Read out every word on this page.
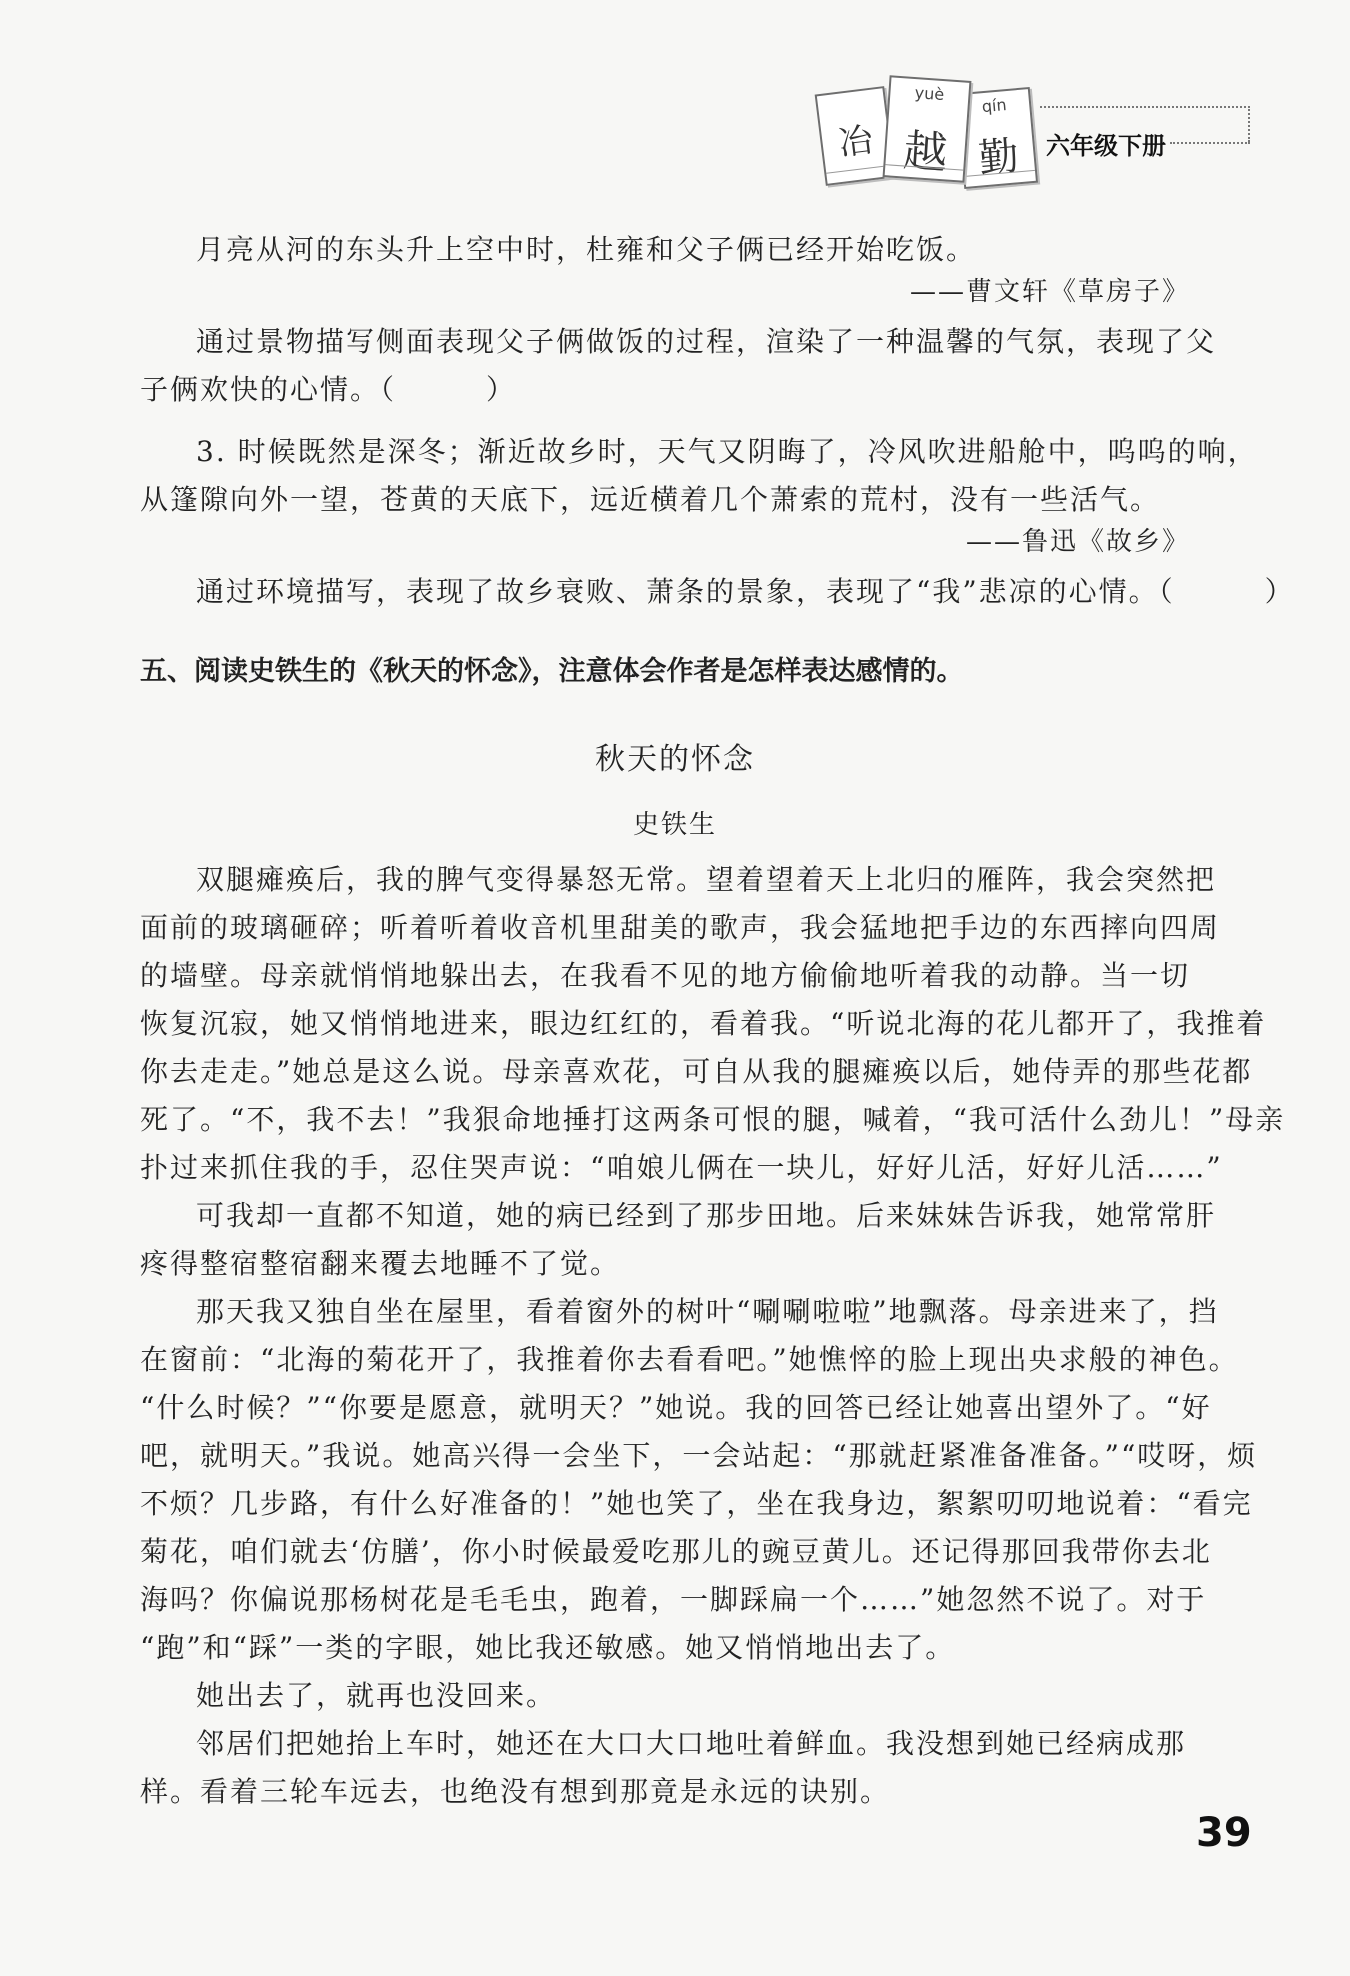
冶
yuè
越
qín
勤	六年级下册

月亮从河的东头升上空中时，杜雍和父子俩已经开始吃饭。

——曹文轩《草房子》

通过景物描写侧面表现父子俩做饭的过程，渲染了一种温馨的气氛，表现了父

子俩欢快的心情。（　　　）

3. 时候既然是深冬；渐近故乡时，天气又阴晦了，冷风吹进船舱中，呜呜的响，

从篷隙向外一望，苍黄的天底下，远近横着几个萧索的荒村，没有一些活气。

——鲁迅《故乡》

通过环境描写，表现了故乡衰败、萧条的景象，表现了“我”悲凉的心情。（　　　）

五、阅读史铁生的《秋天的怀念》，注意体会作者是怎样表达感情的。
秋天的怀念
史铁生

双腿瘫痪后，我的脾气变得暴怒无常。望着望着天上北归的雁阵，我会突然把

面前的玻璃砸碎；听着听着收音机里甜美的歌声，我会猛地把手边的东西摔向四周

的墙壁。母亲就悄悄地躲出去，在我看不见的地方偷偷地听着我的动静。当一切

恢复沉寂，她又悄悄地进来，眼边红红的，看着我。“听说北海的花儿都开了，我推着

你去走走。”她总是这么说。母亲喜欢花，可自从我的腿瘫痪以后，她侍弄的那些花都

死了。“不，我不去！”我狠命地捶打这两条可恨的腿，喊着，“我可活什么劲儿！”母亲

扑过来抓住我的手，忍住哭声说：“咱娘儿俩在一块儿，好好儿活，好好儿活……”

可我却一直都不知道，她的病已经到了那步田地。后来妹妹告诉我，她常常肝

疼得整宿整宿翻来覆去地睡不了觉。

那天我又独自坐在屋里，看着窗外的树叶“唰唰啦啦”地飘落。母亲进来了，挡

在窗前：“北海的菊花开了，我推着你去看看吧。”她憔悴的脸上现出央求般的神色。

“什么时候？”“你要是愿意，就明天？”她说。我的回答已经让她喜出望外了。“好

吧，就明天。”我说。她高兴得一会坐下，一会站起：“那就赶紧准备准备。”“哎呀，烦

不烦？几步路，有什么好准备的！”她也笑了，坐在我身边，絮絮叨叨地说着：“看完

菊花，咱们就去‘仿膳’，你小时候最爱吃那儿的豌豆黄儿。还记得那回我带你去北

海吗？你偏说那杨树花是毛毛虫，跑着，一脚踩扁一个……”她忽然不说了。对于

“跑”和“踩”一类的字眼，她比我还敏感。她又悄悄地出去了。

她出去了，就再也没回来。

邻居们把她抬上车时，她还在大口大口地吐着鲜血。我没想到她已经病成那

样。看着三轮车远去，也绝没有想到那竟是永远的诀别。

39
